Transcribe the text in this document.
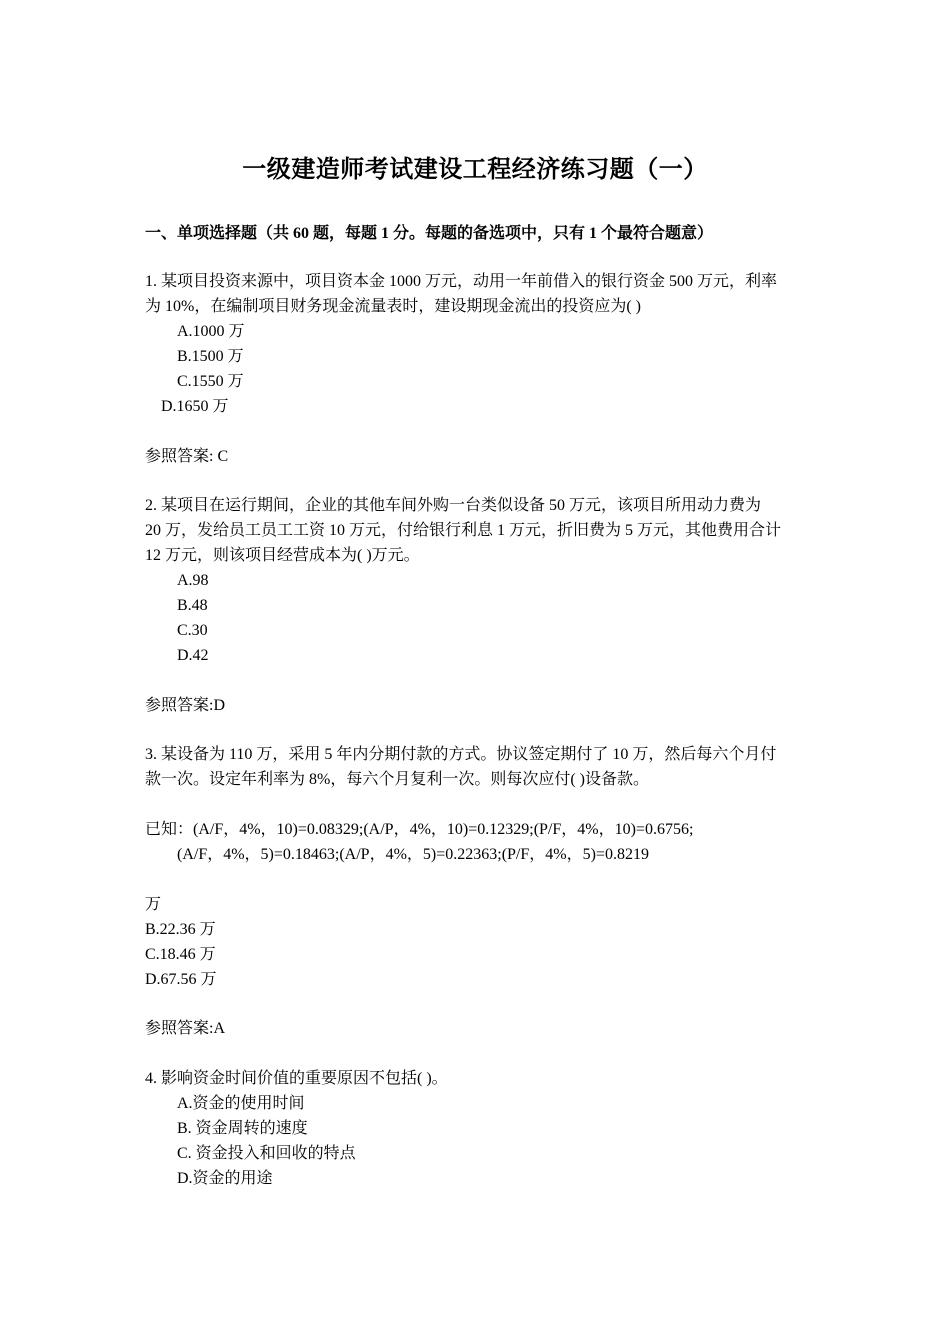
一级建造师考试建设工程经济练习题（一）
一、单项选择题（共 60 题，每题 1 分。每题的备选项中，只有 1 个最符合题意）
1. 某项目投资来源中，项目资本金 1000 万元，动用一年前借入的银行资金 500 万元，利率
为 10%，在编制项目财务现金流量表时，建设期现金流出的投资应为( )
A.1000 万
B.1500 万
C.1550 万
D.1650 万
参照答案: C
2. 某项目在运行期间，企业的其他车间外购一台类似设备 50 万元，该项目所用动力费为
20 万，发给员工员工工资 10 万元，付给银行利息 1 万元，折旧费为 5 万元，其他费用合计
12 万元，则该项目经营成本为( )万元。
A.98
B.48
C.30
D.42
参照答案:D
3. 某设备为 110 万，采用 5 年内分期付款的方式。协议签定期付了 10 万，然后每六个月付
款一次。设定年利率为 8%，每六个月复利一次。则每次应付( )设备款。
已知：(A/F，4%，10)=0.08329;(A/P，4%，10)=0.12329;(P/F，4%，10)=0.6756;
(A/F，4%，5)=0.18463;(A/P，4%，5)=0.22363;(P/F，4%，5)=0.8219
万
B.22.36 万
C.18.46 万
D.67.56 万
参照答案:A
4. 影响资金时间价值的重要原因不包括( )。
A.资金的使用时间
B. 资金周转的速度
C. 资金投入和回收的特点
D.资金的用途
